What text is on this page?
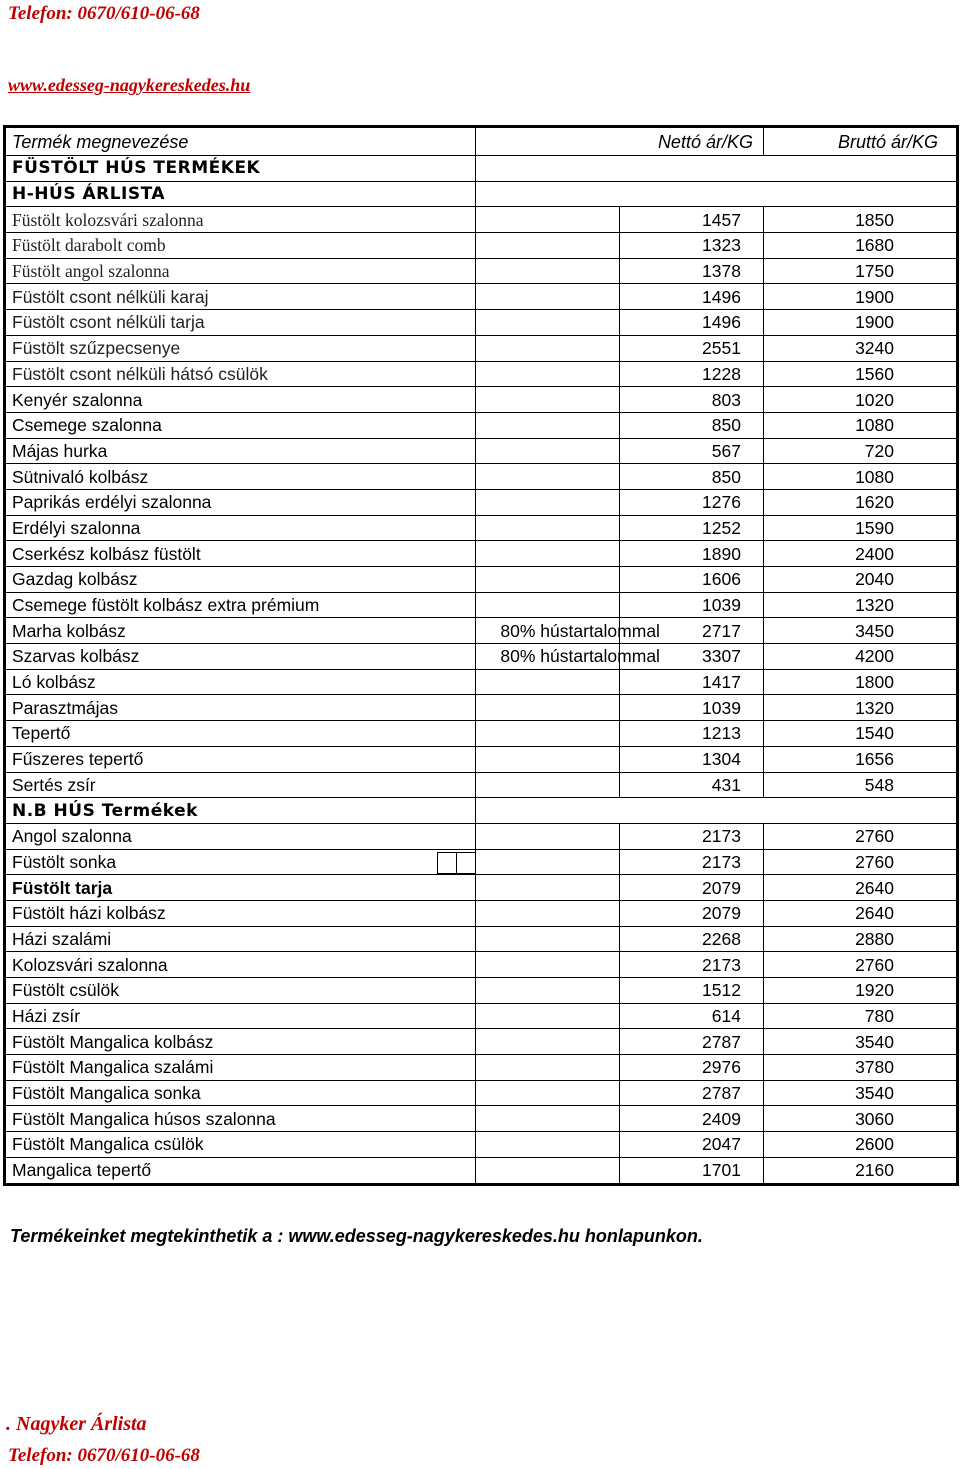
Telefon: 0670/610-06-68
www.edesseg-nagykereskedes.hu
Termék megnevezése	Nettó ár/KG		Bruttó ár/KG
FÜSTÖLT HÚS TERMÉKEK			
H-HÚS ÁRLISTA			
Füstölt kolozsvári szalonna		1457	1850
Füstölt darabolt comb		1323	1680
Füstölt angol szalonna		1378	1750
Füstölt csont nélküli karaj		1496	1900
Füstölt csont nélküli tarja		1496	1900
Füstölt szűzpecsenye		2551	3240
Füstölt csont nélküli hátsó csülök		1228	1560
Kenyér szalonna		803	1020
Csemege szalonna		850	1080
Májas hurka		567	720
Sütnivaló kolbász		850	1080
Paprikás erdélyi szalonna		1276	1620
Erdélyi szalonna		1252	1590
Cserkész kolbász füstölt		1890	2400
Gazdag kolbász		1606	2040
Csemege füstölt kolbász extra prémium		1039	1320
Marha kolbász	80% hústartalommal	2717	3450
Szarvas kolbász	80% hústartalommal	3307	4200
Ló kolbász		1417	1800
Parasztmájas		1039	1320
Tepertő		1213	1540
Fűszeres tepertő		1304	1656
Sertés zsír		431	548
N.B HÚS Termékek			
Angol szalonna		2173	2760
Füstölt sonka		2173	2760
Füstölt tarja		2079	2640
Füstölt házi kolbász		2079	2640
Házi szalámi		2268	2880
Kolozsvári szalonna		2173	2760
Füstölt csülök		1512	1920
Házi zsír		614	780
Füstölt Mangalica kolbász		2787	3540
Füstölt Mangalica szalámi		2976	3780
Füstölt Mangalica sonka		2787	3540
Füstölt Mangalica húsos szalonna		2409	3060
Füstölt Mangalica csülök		2047	2600
Mangalica tepertő		1701	2160
Termékeinket megtekinthetik a : www.edesseg-nagykereskedes.hu honlapunkon.
. Nagyker Árlista
Telefon: 0670/610-06-68
